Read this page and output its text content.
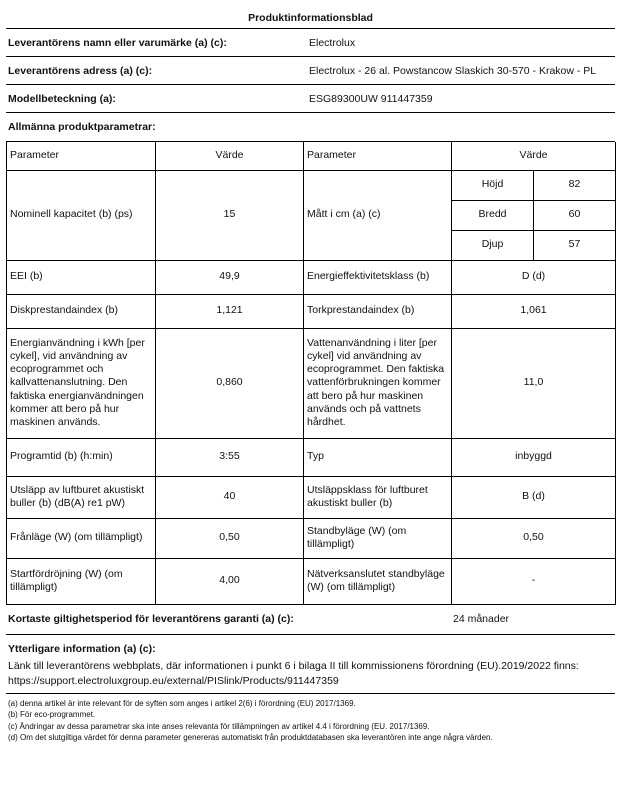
Produktinformationsblad
Leverantörens namn eller varumärke (a) (c):	Electrolux
Leverantörens adress (a) (c):	Electrolux - 26 al. Powstancow Slaskich 30-570 - Krakow - PL
Modellbeteckning (a):	ESG89300UW 911447359
Allmänna produktparametrar:
Parameter	Värde	Parameter	Värde
Nominell kapacitet (b) (ps)	15	Mått i cm (a) (c)	
Höjd	82
Bredd	60
Djup	57

EEI (b)	49,9	Energieffektivitetsklass (b)	D (d)
Diskprestandaindex (b)	1,121	Torkprestandaindex (b)	1,061
Energianvändning i kWh [per cykel], vid användning av ecoprogrammet och kallvattenanslutning. Den faktiska energianvändningen kommer att bero på hur maskinen används.	0,860	Vattenanvändning i liter [per cykel] vid användning av ecoprogrammet. Den faktiska vattenförbrukningen kommer att bero på hur maskinen används och på vattnets hårdhet.	11,0
Programtid (b) (h:min)	3:55	Typ	inbyggd
Utsläpp av luftburet akustiskt buller (b) (dB(A) re1 pW)	40	Utsläppsklass för luftburet akustiskt buller (b)	B (d)
Frånläge (W) (om tillämpligt)	0,50	Standbyläge (W) (om tillämpligt)	0,50
Startfördröjning (W) (om tillämpligt)	4,00	Nätverksanslutet standbyläge (W) (om tillämpligt)	-
Kortaste giltighetsperiod för leverantörens garanti (a) (c):	24 månader
Ytterligare information (a) (c):
Länk till leverantörens webbplats, där informationen i punkt 6 i bilaga II till kommissionens förordning (EU).2019/2022 finns: https://support.electroluxgroup.eu/external/PISlink/Products/911447359
(a) denna artikel är inte relevant för de syften som anges i artikel 2(6) i förordning (EU) 2017/1369.
(b) För eco-programmet.
(c) Ändringar av dessa parametrar ska inte anses relevanta för tillämpningen av artikel 4.4 i förordning (EU. 2017/1369.
(d) Om det slutgiltiga värdet för denna parameter genereras automatiskt från produktdatabasen ska leverantören inte ange några värden.
